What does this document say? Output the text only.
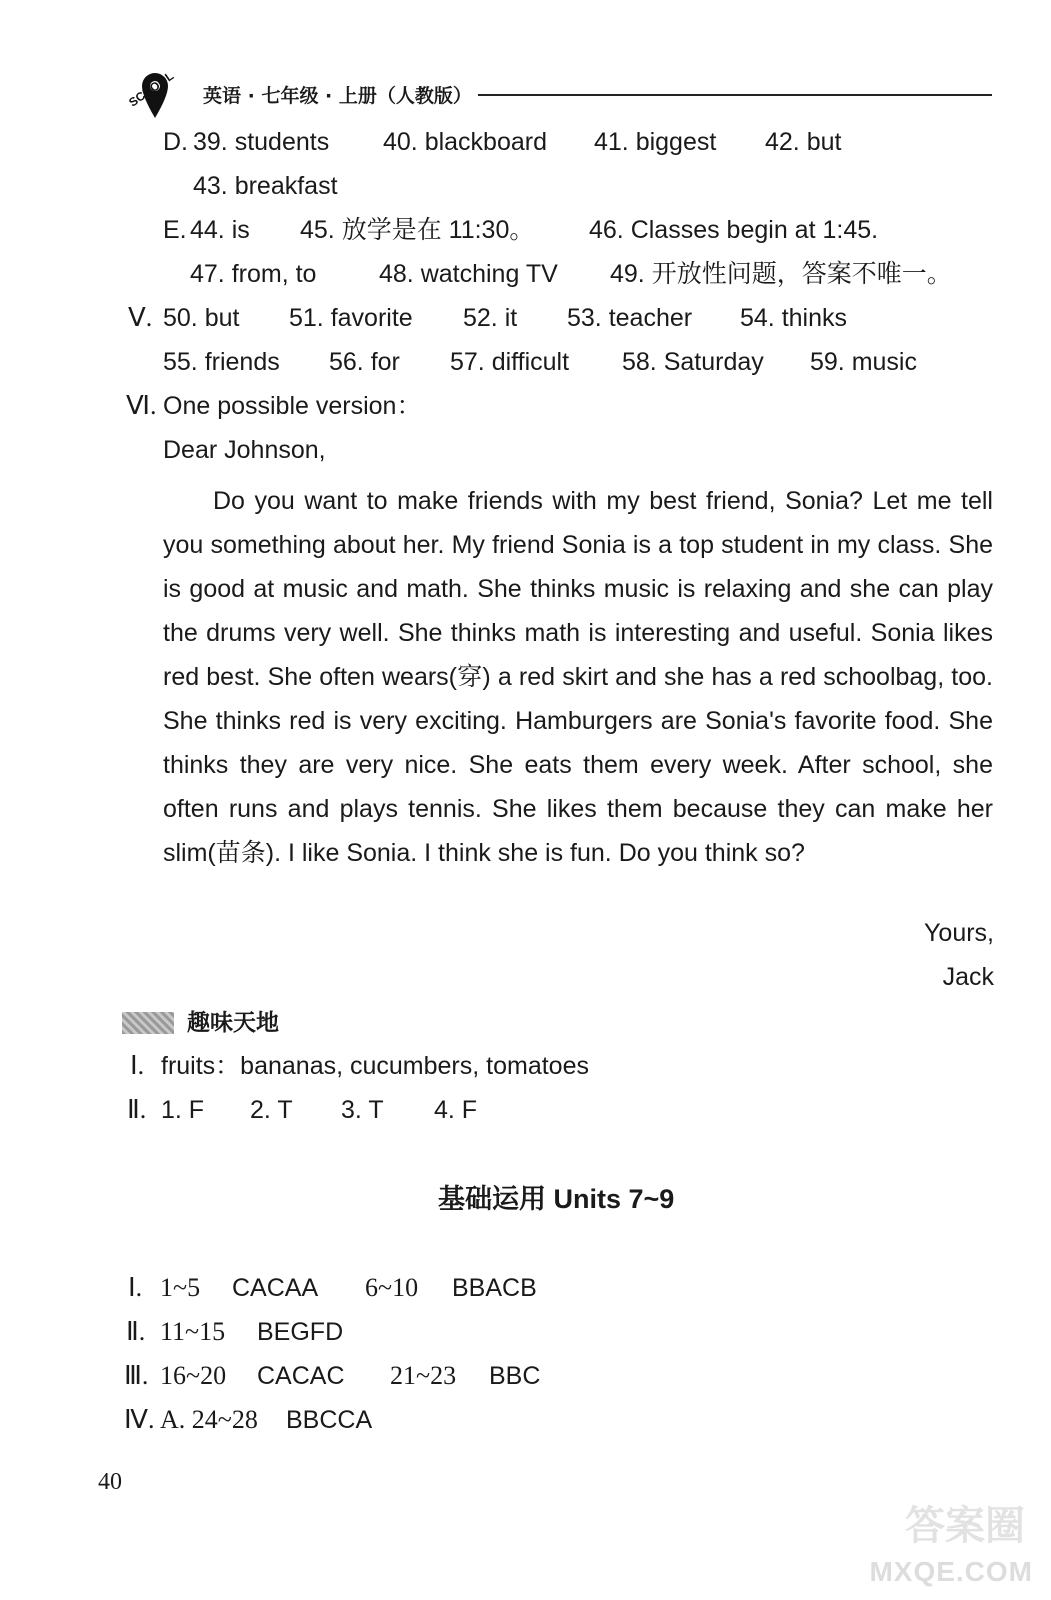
SCHOOL 英语 · 七年级 · 上册（人教版）
D. 39. students 40. blackboard 41. biggest 42. but
43. breakfast
E. 44. is 45. 放学是在 11:30。 46. Classes begin at 1:45.
47. from, to	48. watching TV 49. 开放性问题，答案不唯一。
Ⅴ. 50. but 51. favorite 52. it 53. teacher 54. thinks
55. friends 56. for 57. difficult 58. Saturday 59. music
Ⅵ. One possible version：
Dear Johnson,

Do you want to make friends with my best friend, Sonia? Let me tell you something about her. My friend Sonia is a top student in my class. She is good at music and math. She thinks music is relaxing and she can play the drums very well. She thinks math is interesting and useful. Sonia likes red best. She often wears(穿) a red skirt and she has a red schoolbag, too. She thinks red is very exciting. Hamburgers are Sonia's favorite food. She thinks they are very nice. She eats them every week. After school, she often runs and plays tennis. She likes them because they can make her slim(苗条). I like Sonia. I think she is fun. Do you think so?

Yours,
Jack
趣味天地
Ⅰ. fruits：bananas, cucumbers, tomatoes
Ⅱ. 1. F 2. T 3. T 4. F
基础运用 Units 7~9
Ⅰ. 1~5 CACAA 6~10 BBACB
Ⅱ. 11~15 BEGFD
Ⅲ. 16~20 CACAC 21~23 BBC
Ⅳ. A. 24~28 BBCCA
40
答案圈
MXQE.COM
